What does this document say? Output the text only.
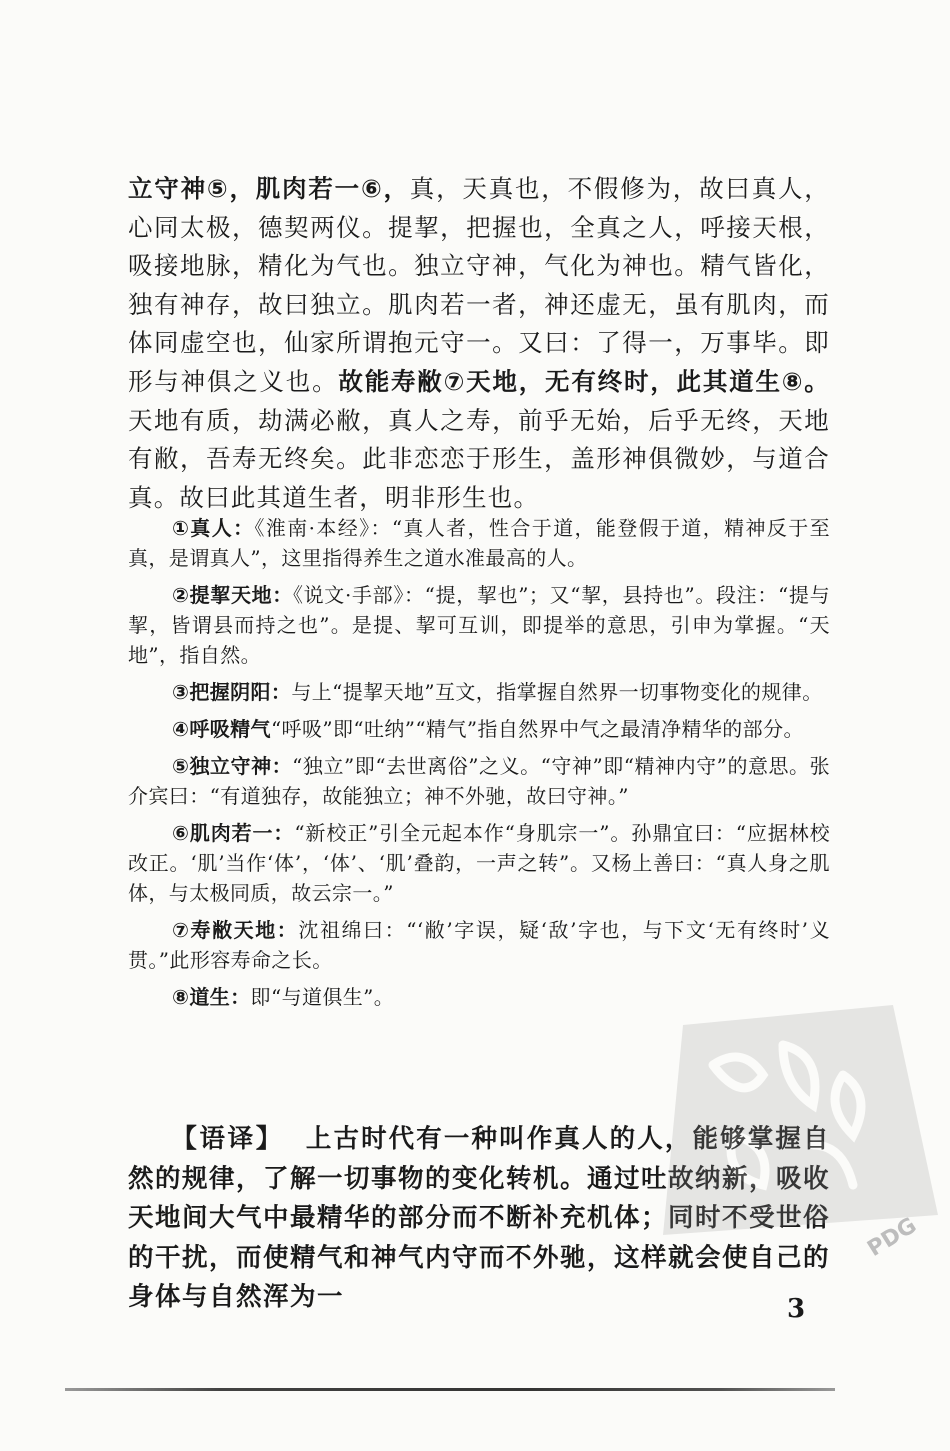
立守神⑤，肌肉若一⑥，真，天真也，不假修为，故曰真人，心同太极，德契两仪。提挈，把握也，全真之人，呼接天根，吸接地脉，精化为气也。独立守神，气化为神也。精气皆化，独有神存，故曰独立。肌肉若一者，神还虚无，虽有肌肉，而体同虚空也，仙家所谓抱元守一。又曰：了得一，万事毕。即形与神俱之义也。故能寿敝⑦天地，无有终时，此其道生⑧。天地有质，劫满必敝，真人之寿，前乎无始，后乎无终，天地有敝，吾寿无终矣。此非恋恋于形生，盖形神俱微妙，与道合真。故曰此其道生者，明非形生也。

①真人：《淮南·本经》：“真人者，性合于道，能登假于道，精神反于至真，是谓真人”，这里指得养生之道水准最高的人。

②提挈天地：《说文·手部》：“提，挈也”；又“挈，县持也”。段注：“提与挈，皆谓县而持之也”。是提、挈可互训，即提举的意思，引申为掌握。“天地”，指自然。

③把握阴阳：与上“提挈天地”互文，指掌握自然界一切事物变化的规律。

④呼吸精气“呼吸”即“吐纳”“精气”指自然界中气之最清净精华的部分。

⑤独立守神：“独立”即“去世离俗”之义。“守神”即“精神内守”的意思。张介宾曰：“有道独存，故能独立；神不外驰，故曰守神。”

⑥肌肉若一：“新校正”引全元起本作“身肌宗一”。孙鼎宜曰：“应据林校改正。‘肌’当作‘体’，‘体’、‘肌’叠韵，一声之转”。又杨上善曰：“真人身之肌体，与太极同质，故云宗一。”

⑦寿敝天地：沈祖绵曰：“‘敝’字误，疑‘敌’字也，与下文‘无有终时’义贯。”此形容寿命之长。

⑧道生：即“与道俱生”。

【语译】 上古时代有一种叫作真人的人，能够掌握自然的规律，了解一切事物的变化转机。通过吐故纳新，吸收天地间大气中最精华的部分而不断补充机体；同时不受世俗的干扰，而使精气和神气内守而不外驰，这样就会使自己的身体与自然浑为一	3
PDG
